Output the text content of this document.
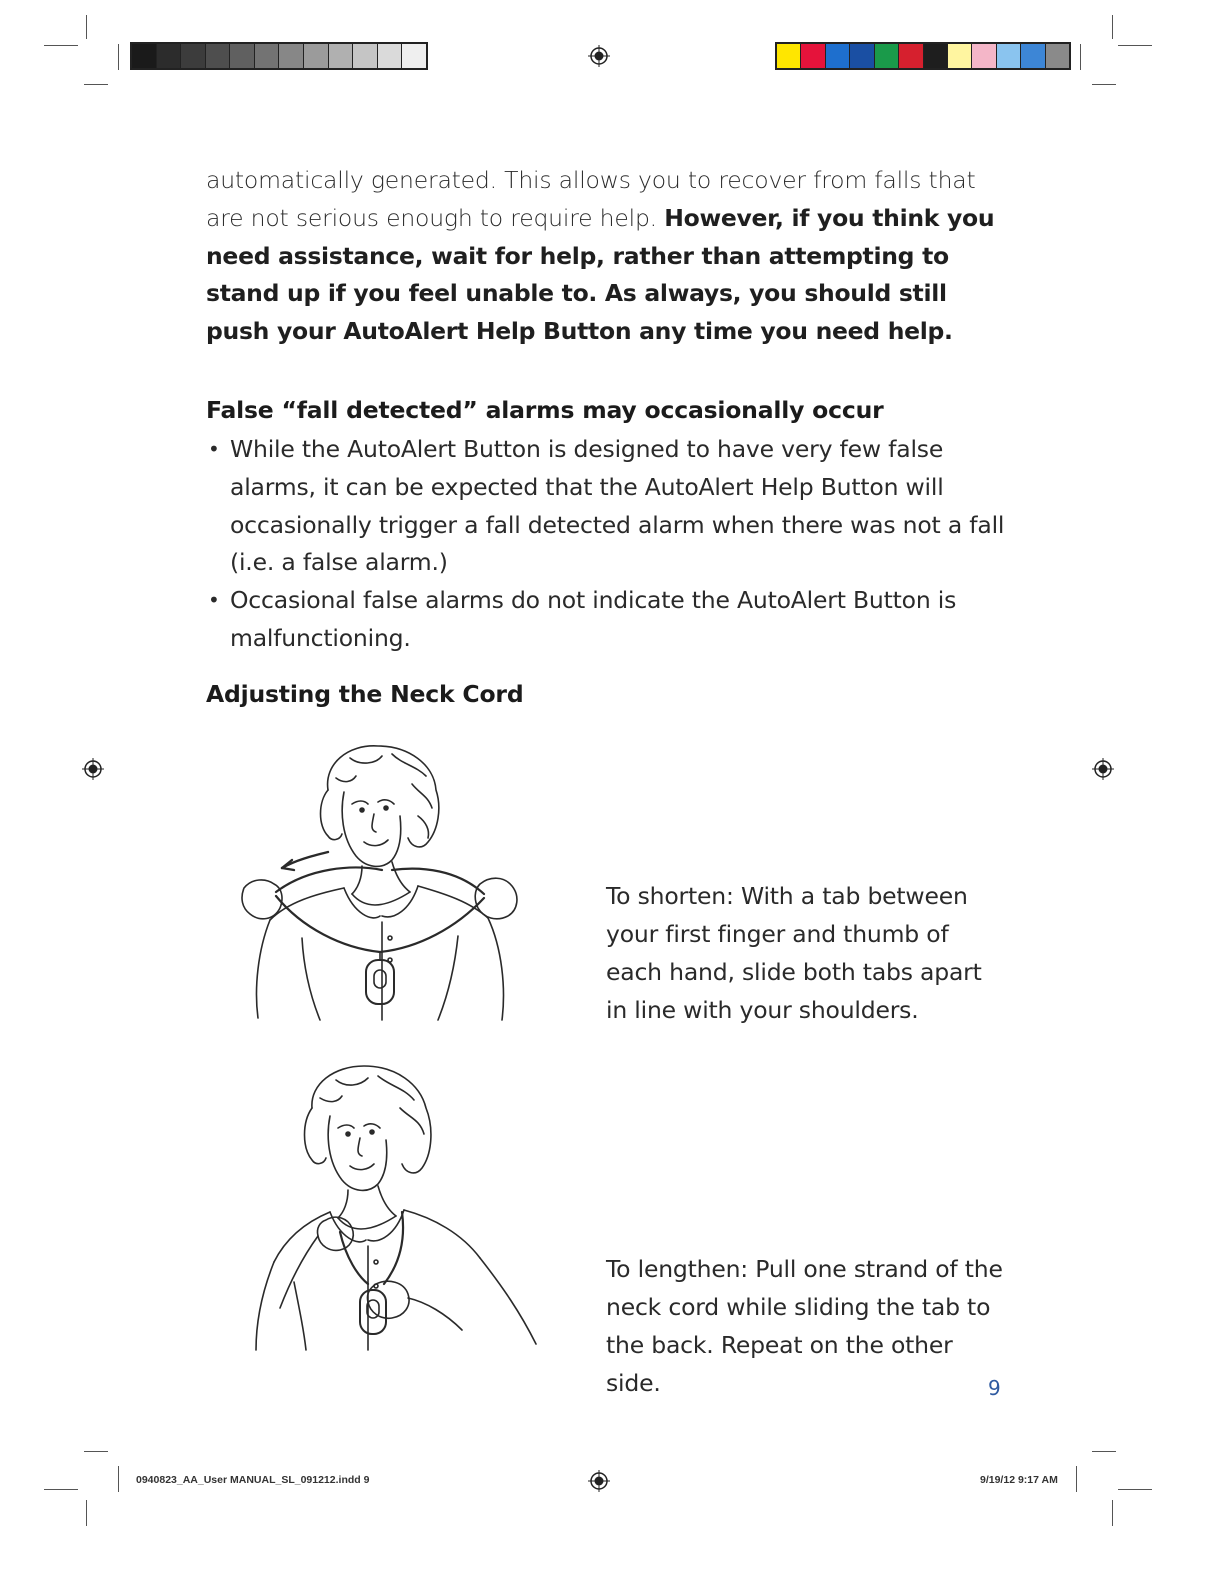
automatically generated. This allows you to recover from falls that are not serious enough to require help. However, if you think you need assistance, wait for help, rather than attempting to stand up if you feel unable to. As always, you should still push your AutoAlert Help Button any time you need help.
False “fall detected” alarms may occasionally occur
• While the AutoAlert Button is designed to have very few false alarms, it can be expected that the AutoAlert Help Button will occasionally trigger a fall detected alarm when there was not a fall (i.e. a false alarm.)
• Occasional false alarms do not indicate the AutoAlert Button is malfunctioning.
Adjusting the Neck Cord
To shorten: With a tab between your first finger and thumb of each hand, slide both tabs apart in line with your shoulders.
To lengthen: Pull one strand of the neck cord while sliding the tab to the back. Repeat on the other side.	9
0940823_AA_User MANUAL_SL_091212.indd 9	9/19/12 9:17 AM
